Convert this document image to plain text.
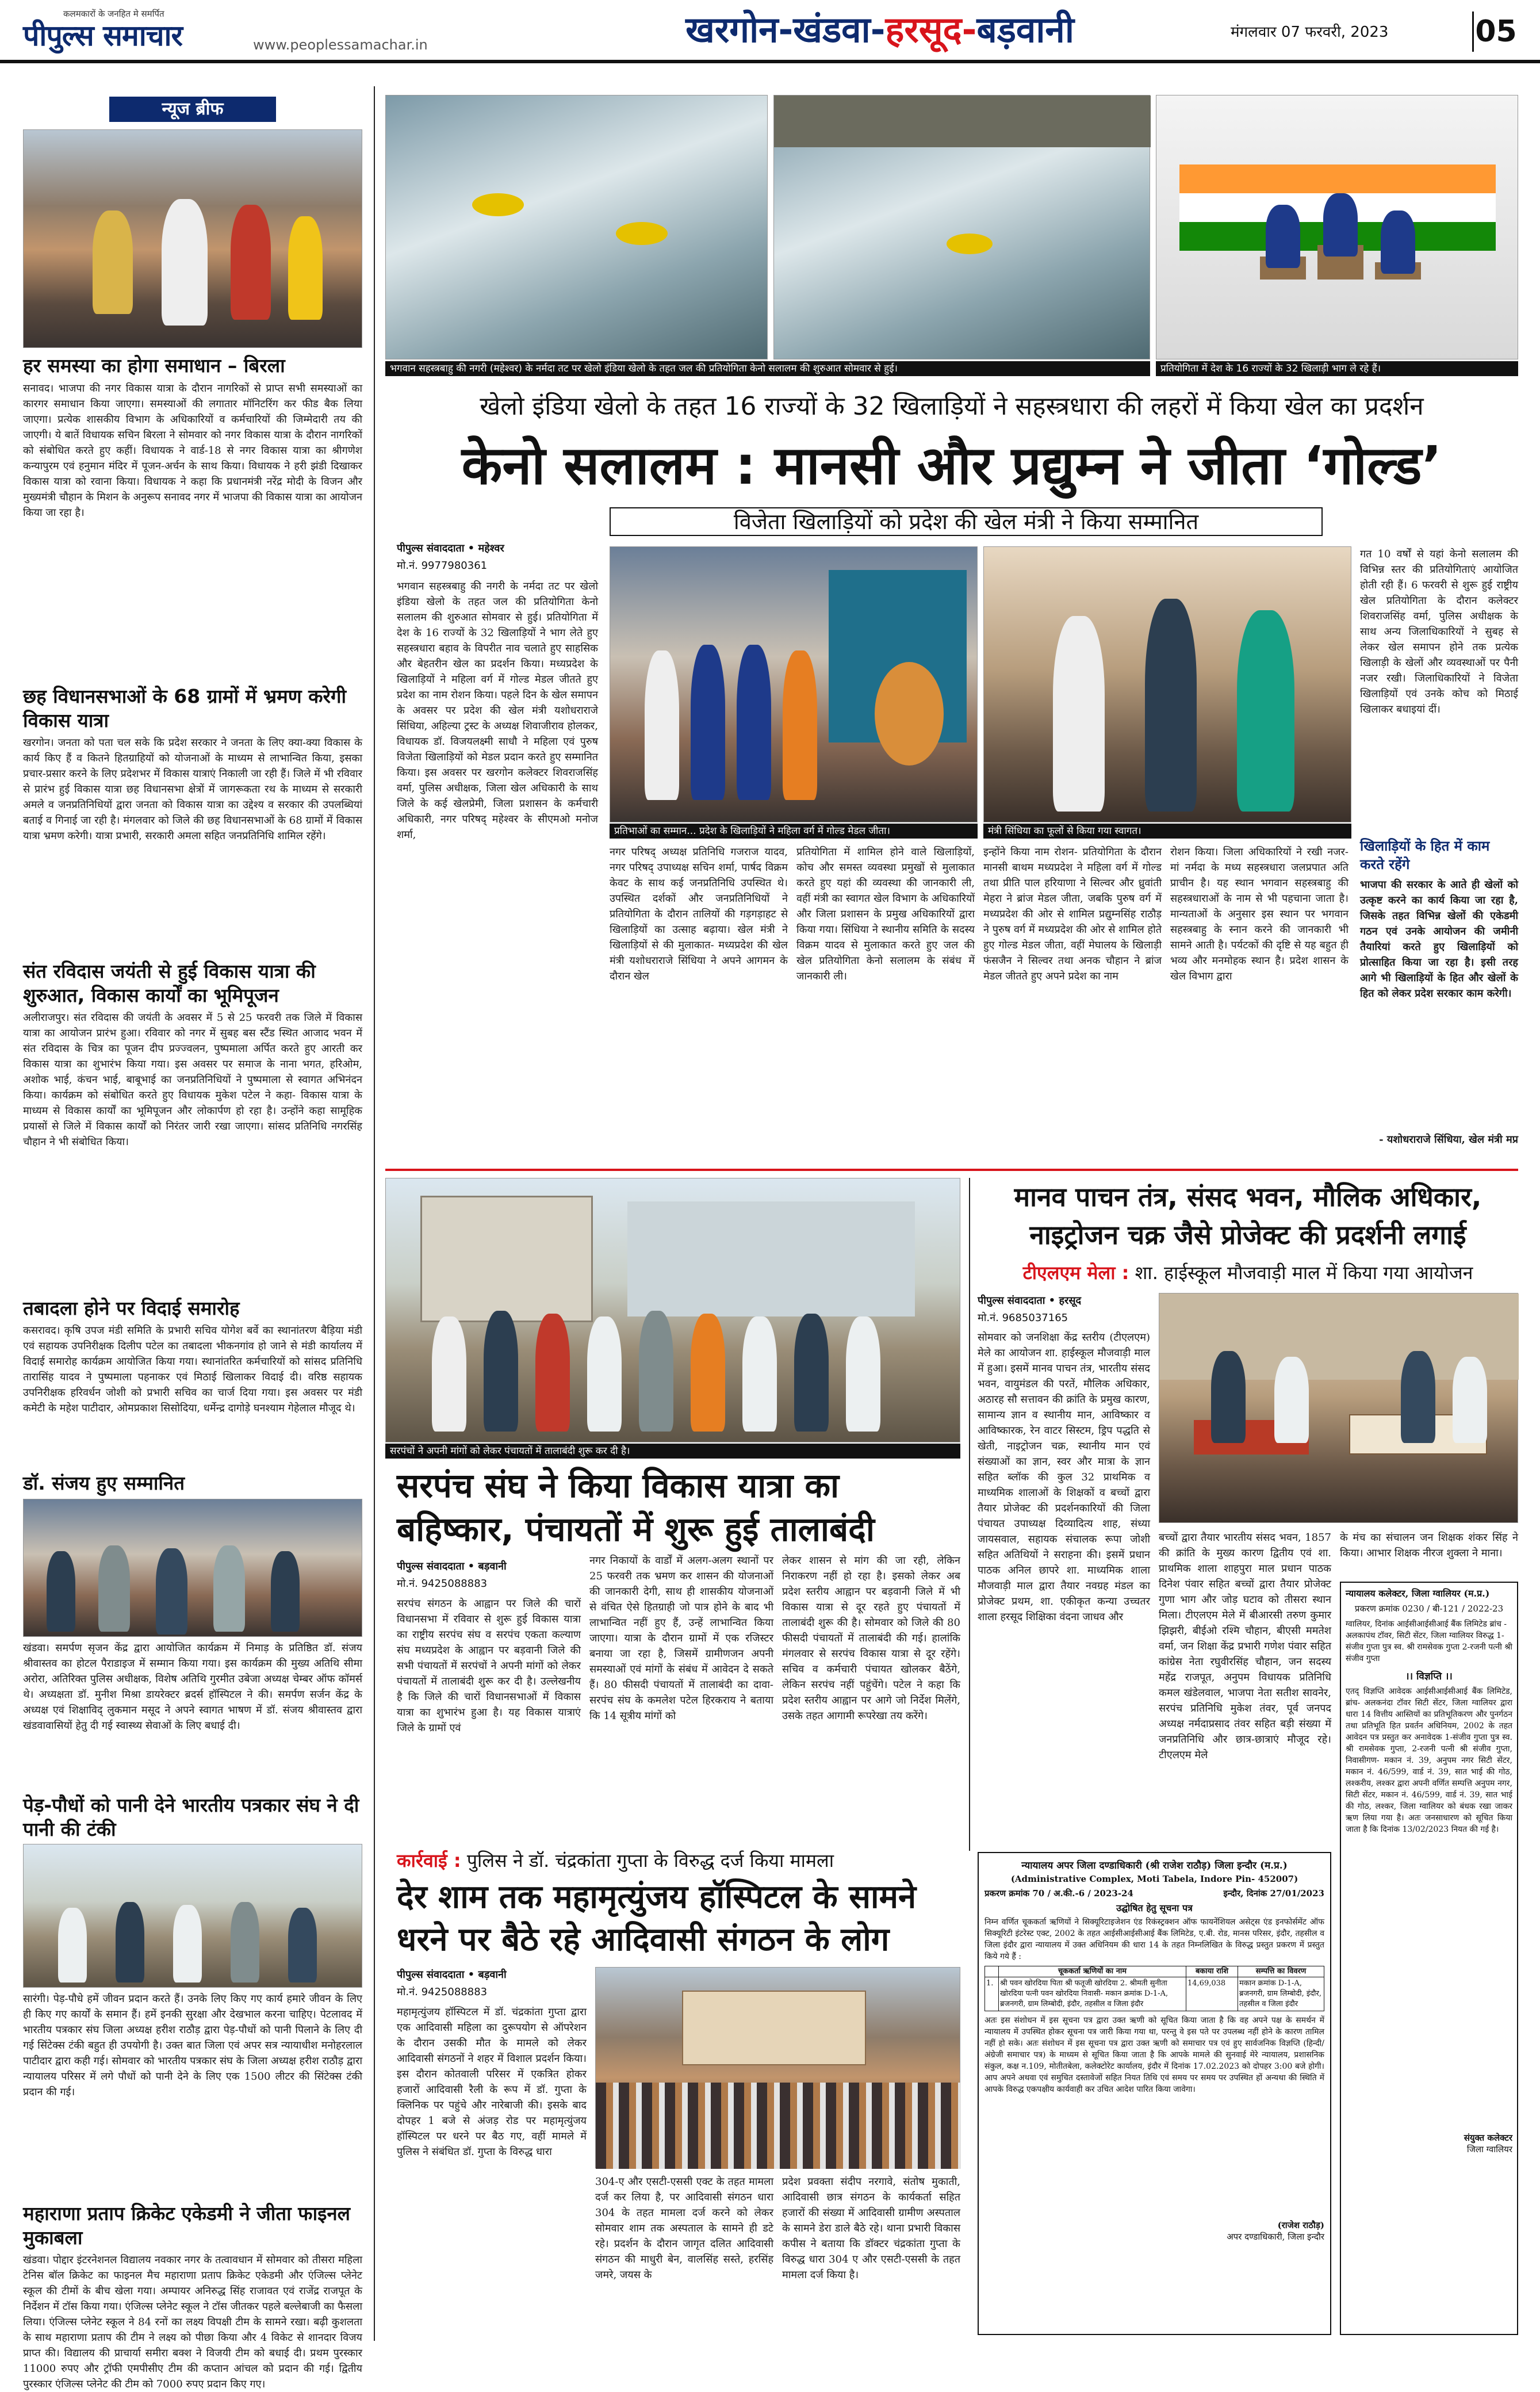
कलमकारों के जनहित मे समर्पित
पीपुल्स समाचार	www.peoplessamachar.in	खरगोन-खंडवा-हरसूद-बड़वानी	मंगलवार 07 फरवरी, 2023	05
न्यूज ब्रीफ
हर समस्या का होगा समाधान – बिरला
सनावद। भाजपा की नगर विकास यात्रा के दौरान नागरिकों से प्राप्त सभी समस्याओं का कारगर समाधान किया जाएगा। समस्याओं की लगातार मॉनिटरिंग कर फीड बैक लिया जाएगा। प्रत्येक शासकीय विभाग के अधिकारियों व कर्मचारियों की जिम्मेदारी तय की जाएगी। ये बातें विधायक सचिन बिरला ने सोमवार को नगर विकास यात्रा के दौरान नागरिकों को संबोधित करते हुए कहीं। विधायक ने वार्ड-18 से नगर विकास यात्रा का श्रीगणेश कन्यापुरम एवं हनुमान मंदिर में पूजन-अर्चन के साथ किया। विधायक ने हरी झंडी दिखाकर विकास यात्रा को रवाना किया। विधायक ने कहा कि प्रधानमंत्री नरेंद्र मोदी के विजन और मुख्यमंत्री चौहान के मिशन के अनुरूप सनावद नगर में भाजपा की विकास यात्रा का आयोजन किया जा रहा है।
छह विधानसभाओं के 68 ग्रामों में भ्रमण करेगी विकास यात्रा
खरगोन। जनता को पता चल सके कि प्रदेश सरकार ने जनता के लिए क्या-क्या विकास के कार्य किए हैं व कितने हितग्राहियों को योजनाओं के माध्यम से लाभान्वित किया, इसका प्रचार-प्रसार करने के लिए प्रदेशभर में विकास यात्राएं निकाली जा रही हैं। जिले में भी रविवार से प्रारंभ हुई विकास यात्रा छह विधानसभा क्षेत्रों में जागरूकता रथ के माध्यम से सरकारी अमले व जनप्रतिनिधियों द्वारा जनता को विकास यात्रा का उद्देश्य व सरकार की उपलब्धियां बताई व गिनाई जा रही है। मंगलवार को जिले की छह विधानसभाओं के 68 ग्रामों में विकास यात्रा भ्रमण करेगी। यात्रा प्रभारी, सरकारी अमला सहित जनप्रतिनिधि शामिल रहेंगे।
संत रविदास जयंती से हुई विकास यात्रा की शुरुआत, विकास कार्यों का भूमिपूजन
अलीराजपुर। संत रविदास की जयंती के अवसर में 5 से 25 फरवरी तक जिले में विकास यात्रा का आयोजन प्रारंभ हुआ। रविवार को नगर में सुबह बस स्टैंड स्थित आजाद भवन में संत रविदास के चित्र का पूजन दीप प्रज्ज्वलन, पुष्पमाला अर्पित करते हुए आरती कर विकास यात्रा का शुभारंभ किया गया। इस अवसर पर समाज के नाना भगत, हरिओम, अशोक भाई, कंचन भाई, बाबूभाई का जनप्रतिनिधियों ने पुष्पमाला से स्वागत अभिनंदन किया। कार्यक्रम को संबोधित करते हुए विधायक मुकेश पटेल ने कहा- विकास यात्रा के माध्यम से विकास कार्यों का भूमिपूजन और लोकार्पण हो रहा है। उन्होंने कहा सामूहिक प्रयासों से जिले में विकास कार्यों को निरंतर जारी रखा जाएगा। सांसद प्रतिनिधि नगरसिंह चौहान ने भी संबोधित किया।
तबादला होने पर विदाई समारोह
कसरावद। कृषि उपज मंडी समिति के प्रभारी सचिव योगेश बर्वे का स्थानांतरण बैड़िया मंडी एवं सहायक उपनिरीक्षक दिलीप पटेल का तबादला भीकनगांव हो जाने से मंडी कार्यालय में विदाई समारोह कार्यक्रम आयोजित किया गया। स्थानांतरित कर्मचारियों को सांसद प्रतिनिधि तारासिंह यादव ने पुष्पमाला पहनाकर एवं मिठाई खिलाकर विदाई दी। वरिष्ठ सहायक उपनिरीक्षक हरिवर्धन जोशी को प्रभारी सचिव का चार्ज दिया गया। इस अवसर पर मंडी कमेटी के महेश पाटीदार, ओमप्रकाश सिसोदिया, धर्मेन्द्र दागोड़े घनश्याम गेहेलाल मौजूद थे।
डॉ. संजय हुए सम्मानित
खंडवा। समर्पण सृजन केंद्र द्वारा आयोजित कार्यक्रम में निमाड़ के प्रतिष्ठित डॉ. संजय श्रीवास्तव का होटल पैराडाइज में सम्मान किया गया। इस कार्यक्रम की मुख्य अतिथि सीमा अरोरा, अतिरिक्त पुलिस अधीक्षक, विशेष अतिथि गुरमीत उबेजा अध्यक्ष चेम्बर ऑफ कॉमर्स थे। अध्यक्षता डॉ. मुनीश मिश्रा डायरेक्टर ब्रदर्स हॉस्पिटल ने की। समर्पण सर्जन केंद्र के अध्यक्ष एवं शिक्षाविद् लुकमान मसूद ने अपने स्वागत भाषण में डॉ. संजय श्रीवास्तव द्वारा खंडवावासियों हेतु दी गई स्वास्थ्य सेवाओं के लिए बधाई दी।
पेड़-पौधों को पानी देने भारतीय पत्रकार संघ ने दी पानी की टंकी
सारंगी। पेड़-पौधे हमें जीवन प्रदान करते हैं। उनके लिए किए गए कार्य हमारे जीवन के लिए ही किए गए कार्यों के समान हैं। हमें इनकी सुरक्षा और देखभाल करना चाहिए। पेटलावद में भारतीय पत्रकार संघ जिला अध्यक्ष हरीश राठौड़ द्वारा पेड़-पौधों को पानी पिलाने के लिए दी गई सिंटेक्स टंकी बहुत ही उपयोगी है। उक्त बात जिला एवं अपर सत्र न्यायाधीश मनोहरलाल पाटीदार द्वारा कही गई। सोमवार को भारतीय पत्रकार संघ के जिला अध्यक्ष हरीश राठौड़ द्वारा न्यायालय परिसर में लगे पौधों को पानी देने के लिए एक 1500 लीटर की सिंटेक्स टंकी प्रदान की गई।
महाराणा प्रताप क्रिकेट एकेडमी ने जीता फाइनल मुकाबला
खंडवा। पोद्दार इंटरनेशनल विद्यालय नवकार नगर के तत्वावधान में सोमवार को तीसरा महिला टेनिस बॉल क्रिकेट का फाइनल मैच महाराणा प्रताप क्रिकेट एकेडमी और एंजिल्स प्लेनेट स्कूल की टीमों के बीच खेला गया। अम्पायर अनिरुद्ध सिंह राजावत एवं राजेंद्र राजपूत के निर्देशन में टॉस किया गया। एंजिल्स प्लेनेट स्कूल ने टॉस जीतकर पहले बल्लेबाजी का फैसला लिया। एंजिल्स प्लेनेट स्कूल ने 84 रनों का लक्ष्य विपक्षी टीम के सामने रखा। बढ़ी कुशलता के साथ महाराणा प्रताप की टीम ने लक्ष्य को पीछा किया और 4 विकेट से शानदार विजय प्राप्त की। विद्यालय की प्राचार्या समीरा बक्श ने विजयी टीम को बधाई दी। प्रथम पुरस्कार 11000 रुपए और ट्रॉफी एमपीसीए टीम की कप्तान आंचल को प्रदान की गई। द्वितीय पुरस्कार एंजिल्स प्लेनेट की टीम को 7000 रुपए प्रदान किए गए।
भगवान सहस्त्रबाहु की नगरी (महेश्वर) के नर्मदा तट पर खेलो इंडिया खेलो के तहत जल की प्रतियोगिता केनो सलालम की शुरुआत सोमवार से हुई।	प्रतियोगिता में देश के 16 राज्यों के 32 खिलाड़ी भाग ले रहे हैं।
खेलो इंडिया खेलो के तहत 16 राज्यों के 32 खिलाड़ियों ने सहस्त्रधारा की लहरों में किया खेल का प्रदर्शन
केनो सलालम : मानसी और प्रद्युम्न ने जीता ‘गोल्ड’
विजेता खिलाड़ियों को प्रदेश की खेल मंत्री ने किया सम्मानित
पीपुल्स संवाददाता • महेश्वर
मो.नं. 9977980361
भगवान सहस्त्रबाहु की नगरी के नर्मदा तट पर खेलो इंडिया खेलो के तहत जल की प्रतियोगिता केनो सलालम की शुरुआत सोमवार से हुई। प्रतियोगिता में देश के 16 राज्यों के 32 खिलाड़ियों ने भाग लेते हुए सहस्त्रधारा बहाव के विपरीत नाव चलाते हुए साहसिक और बेहतरीन खेल का प्रदर्शन किया। मध्यप्रदेश के खिलाड़ियों ने महिला वर्ग में गोल्ड मेडल जीतते हुए प्रदेश का नाम रोशन किया। पहले दिन के खेल समापन के अवसर पर प्रदेश की खेल मंत्री यशोधराराजे सिंधिया, अहिल्या ट्रस्ट के अध्यक्ष शिवाजीराव होलकर, विधायक डॉ. विजयलक्ष्मी साधौ ने महिला एवं पुरुष विजेता खिलाड़ियों को मेडल प्रदान करते हुए सम्मानित किया। इस अवसर पर खरगोन कलेक्टर शिवराजसिंह वर्मा, पुलिस अधीक्षक, जिला खेल अधिकारी के साथ जिले के कई खेलप्रेमी, जिला प्रशासन के कर्मचारी अधिकारी, नगर परिषद् महेश्वर के सीएमओ मनोज शर्मा,	प्रतिभाओं का सम्मान... प्रदेश के खिलाड़ियों ने महिला वर्ग में गोल्ड मेडल जीता।	मंत्री सिंधिया का फूलों से किया गया स्वागत।
गत 10 वर्षों से यहां केनो सलालम की विभिन्न स्तर की प्रतियोगिताएं आयोजित होती रही हैं। 6 फरवरी से शुरू हुई राष्ट्रीय खेल प्रतियोगिता के दौरान कलेक्टर शिवराजसिंह वर्मा, पुलिस अधीक्षक के साथ अन्य जिलाधिकारियों ने सुबह से लेकर खेल समापन होने तक प्रत्येक खिलाड़ी के खेलों और व्यवस्थाओं पर पैनी नजर रखी। जिलाधिकारियों ने विजेता खिलाड़ियों एवं उनके कोच को मिठाई खिलाकर बधाइयां दीं।
नगर परिषद् अध्यक्ष प्रतिनिधि गजराज यादव, नगर परिषद् उपाध्यक्ष सचिन शर्मा, पार्षद विक्रम केवट के साथ कई जनप्रतिनिधि उपस्थित थे। उपस्थित दर्शकों और जनप्रतिनिधियों ने प्रतियोगिता के दौरान तालियों की गड़गड़ाहट से खिलाड़ियों का उत्साह बढ़ाया। खेल मंत्री ने खिलाड़ियों से की मुलाकात- मध्यप्रदेश की खेल मंत्री यशोधराराजे सिंधिया ने अपने आगमन के दौरान खेल
प्रतियोगिता में शामिल होने वाले खिलाड़ियों, कोच और समस्त व्यवस्था प्रमुखों से मुलाकात करते हुए यहां की व्यवस्था की जानकारी ली, वहीं मंत्री का स्वागत खेल विभाग के अधिकारियों और जिला प्रशासन के प्रमुख अधिकारियों द्वारा किया गया। सिंधिया ने स्थानीय समिति के सदस्य विक्रम यादव से मुलाकात करते हुए जल की खेल प्रतियोगिता केनो सलालम के संबंध में जानकारी ली।
इन्होंने किया नाम रोशन- प्रतियोगिता के दौरान मानसी बाथम मध्यप्रदेश ने महिला वर्ग में गोल्ड तथा प्रीति पाल हरियाणा ने सिल्वर और ध्रुवांती मेहरा ने ब्रांज मेडल जीता, जबकि पुरुष वर्ग में मध्यप्रदेश की ओर से शामिल प्रद्युम्नसिंह राठौड़ ने पुरुष वर्ग में मध्यप्रदेश की ओर से शामिल होते हुए गोल्ड मेडल जीता, वहीं मेघालय के खिलाड़ी फंसजैन ने सिल्वर तथा अनक चौहान ने ब्रांज मेडल जीतते हुए अपने प्रदेश का नाम
रोशन किया। जिला अधिकारियों ने रखी नजर- मां नर्मदा के मध्य सहस्त्रधारा जलप्रपात अति प्राचीन है। यह स्थान भगवान सहस्त्रबाहु की सहस्त्रधाराओं के नाम से भी पहचाना जाता है। मान्यताओं के अनुसार इस स्थान पर भगवान सहस्त्रबाहु के स्नान करने की जानकारी भी सामने आती है। पर्यटकों की दृष्टि से यह बहुत ही भव्य और मनमोहक स्थान है। प्रदेश शासन के खेल विभाग द्वारा
खिलाड़ियों के हित में काम करते रहेंगे
भाजपा की सरकार के आते ही खेलों को उत्कृष्ट करने का कार्य किया जा रहा है, जिसके तहत विभिन्न खेलों की एकेडमी गठन एवं उनके आयोजन की जमीनी तैयारियां करते हुए खिलाड़ियों को प्रोत्साहित किया जा रहा है। इसी तरह आगे भी खिलाड़ियों के हित और खेलों के हित को लेकर प्रदेश सरकार काम करेगी।
- यशोधराराजे सिंधिया, खेल मंत्री मप्र
सरपंचों ने अपनी मांगों को लेकर पंचायतों में तालाबंदी शुरू कर दी है।
सरपंच संघ ने किया विकास यात्रा का बहिष्कार, पंचायतों में शुरू हुई तालाबंदी
पीपुल्स संवाददाता • बड़वानी
मो.नं. 9425088883
सरपंच संगठन के आह्वान पर जिले की चारों विधानसभा में रविवार से शुरू हुई विकास यात्रा का राष्ट्रीय सरपंच संघ व सरपंच एकता कल्याण संघ मध्यप्रदेश के आह्वान पर बड़वानी जिले की सभी पंचायतों में सरपंचों ने अपनी मांगों को लेकर पंचायतों में तालाबंदी शुरू कर दी है। उल्लेखनीय है कि जिले की चारों विधानसभाओं में विकास यात्रा का शुभारंभ हुआ है। यह विकास यात्राएं जिले के ग्रामों एवं
नगर निकायों के वार्डों में अलग-अलग स्थानों पर 25 फरवरी तक भ्रमण कर शासन की योजनाओं की जानकारी देगी, साथ ही शासकीय योजनाओं से वंचित ऐसे हितग्राही जो पात्र होने के बाद भी लाभान्वित नहीं हुए हैं, उन्हें लाभान्वित किया जाएगा। यात्रा के दौरान ग्रामों में एक रजिस्टर बनाया जा रहा है, जिसमें ग्रामीणजन अपनी समस्याओं एवं मांगों के संबंध में आवेदन दे सकते हैं। 80 फीसदी पंचायतों में तालाबंदी का दावा- सरपंच संघ के कमलेश पटेल हिरकराय ने बताया कि 14 सूत्रीय मांगों को
लेकर शासन से मांग की जा रही, लेकिन निराकरण नहीं हो रहा है। इसको लेकर अब प्रदेश स्तरीय आह्वान पर बड़वानी जिले में भी विकास यात्रा से दूर रहते हुए पंचायतों में तालाबंदी शुरू की है। सोमवार को जिले की 80 फीसदी पंचायतों में तालाबंदी की गई। हालांकि मंगलवार से सरपंच विकास यात्रा से दूर रहेंगे। सचिव व कर्मचारी पंचायत खोलकर बैठेंगे, लेकिन सरपंच नहीं पहुंचेंगे। पटेल ने कहा कि प्रदेश स्तरीय आह्वान पर आगे जो निर्देश मिलेंगे, उसके तहत आगामी रूपरेखा तय करेंगे।
कार्रवाई : पुलिस ने डॉ. चंद्रकांता गुप्ता के विरुद्ध दर्ज किया मामला
देर शाम तक महामृत्युंजय हॉस्पिटल के सामने धरने पर बैठे रहे आदिवासी संगठन के लोग
पीपुल्स संवाददाता • बड़वानी
मो.नं. 9425088883
महामृत्युंजय हॉस्पिटल में डॉ. चंद्रकांता गुप्ता द्वारा एक आदिवासी महिला का दुरूपयोग से ऑपरेशन के दौरान उसकी मौत के मामले को लेकर आदिवासी संगठनों ने शहर में विशाल प्रदर्शन किया। इस दौरान कोतवाली परिसर में एकत्रित होकर हजारों आदिवासी रैली के रूप में डॉ. गुप्ता के क्लिनिक पर पहुंचे और नारेबाजी की। इसके बाद दोपहर 1 बजे से अंजड़ रोड पर महामृत्युंजय हॉस्पिटल पर धरने पर बैठ गए, वहीं मामले में पुलिस ने संबंधित डॉ. गुप्ता के विरुद्ध धारा
304-ए और एसटी-एससी एक्ट के तहत मामला दर्ज कर लिया है, पर आदिवासी संगठन धारा 304 के तहत मामला दर्ज करने को लेकर सोमवार शाम तक अस्पताल के सामने ही डटे रहे। प्रदर्शन के दौरान जागृत दलित आदिवासी संगठन की माधुरी बेन, वालसिंह सस्ते, हरसिंह जमरे, जयस के
प्रदेश प्रवक्ता संदीप नरगावे, संतोष मुकाती, आदिवासी छात्र संगठन के कार्यकर्ता सहित हजारों की संख्या में आदिवासी ग्रामीण अस्पताल के सामने डेरा डाले बैठे रहे। थाना प्रभारी विकास कपीस ने बताया कि डॉक्टर चंद्रकांता गुप्ता के विरुद्ध धारा 304 ए और एसटी-एससी के तहत मामला दर्ज किया है।
मानव पाचन तंत्र, संसद भवन, मौलिक अधिकार, नाइट्रोजन चक्र जैसे प्रोजेक्ट की प्रदर्शनी लगाई
टीएलएम मेला : शा. हाईस्कूल मौजवाड़ी माल में किया गया आयोजन
पीपुल्स संवाददाता • हरसूद
मो.नं. 9685037165
सोमवार को जनशिक्षा केंद्र स्तरीय (टीएलएम) मेले का आयोजन शा. हाईस्कूल मौजवाड़ी माल में हुआ। इसमें मानव पाचन तंत्र, भारतीय संसद भवन, वायुमंडल की परतें, मौलिक अधिकार, अठारह सौ सत्तावन की क्रांति के प्रमुख कारण, सामान्य ज्ञान व स्थानीय मान, आविष्कार व आविष्कारक, रेन वाटर सिस्टम, ड्रिप पद्धति से खेती, नाइट्रोजन चक्र, स्थानीय मान एवं संख्याओं का ज्ञान, स्वर और मात्रा के ज्ञान सहित ब्लॉक की कुल 32 प्राथमिक व माध्यमिक शालाओं के शिक्षकों व बच्चों द्वारा तैयार प्रोजेक्ट की प्रदर्शनकारियों की जिला पंचायत उपाध्यक्ष दिव्यादित्य शाह, संध्या जायसवाल, सहायक संचालक रूपा जोशी सहित अतिथियों ने सराहना की। इसमें प्रधान पाठक अनिल छापरे शा. माध्यमिक शाला मौजवाड़ी माल द्वारा तैयार नवग्रह मंडल का प्रोजेक्ट प्रथम, शा. एकीकृत कन्या उच्चतर शाला हरसूद शिक्षिका वंदना जाधव और
बच्चों द्वारा तैयार भारतीय संसद भवन, 1857 की क्रांति के मुख्य कारण द्वितीय एवं शा. प्राथमिक शाला शाहपुरा माल प्रधान पाठक दिनेश पंवार सहित बच्चों द्वारा तैयार प्रोजेक्ट गुणा भाग और जोड़ घटाव को तीसरा स्थान मिला। टीएलएम मेले में बीआरसी तरुण कुमार झिझरी, बीईओ रश्मि चौहान, बीएसी ममतेश वर्मा, जन शिक्षा केंद्र प्रभारी गणेश पंवार सहित कांग्रेस नेता रघुवीरसिंह चौहान, जन सदस्य महेंद्र राजपूत, अनुपम विधायक प्रतिनिधि कमल खंडेलवाल, भाजपा नेता सतीश सावनेर, सरपंच प्रतिनिधि मुकेश तंवर, पूर्व जनपद अध्यक्ष नर्मदाप्रसाद तंवर सहित बड़ी संख्या में जनप्रतिनिधि और छात्र-छात्राएं मौजूद रहे। टीएलएम मेले
के मंच का संचालन जन शिक्षक शंकर सिंह ने किया। आभार शिक्षक नीरज शुक्ला ने माना।
न्यायालय कलेक्टर, जिला ग्वालियर (म.प्र.)
प्रकरण क्रमांक 0230 / बी-121 / 2022-23
ग्वालियर, दिनांक आईसीआईसीआई बैंक लिमिटेड ब्रांच - अलकापंथ टॉवर, सिटी सेंटर, जिला ग्वालियर विरुद्ध 1-संजीव गुप्ता पुत्र स्व. श्री रामसेवक गुप्ता 2-रजनी पत्नी श्री संजीव गुप्ता
।। विज्ञप्ति ।।
एतद् विज्ञप्ति आवेदक आईसीआईसीआई बैंक लिमिटेड, ब्रांच- अलकनंदा टॉवर सिटी सेंटर, जिला ग्वालियर द्वारा धारा 14 वित्तीय आस्तियों का प्रतिभूतिकरण और पुनर्गठन तथा प्रतिभूति हित प्रवर्तन अधिनियम, 2002 के तहत आवेदन पत्र प्रस्तुत कर अनावेदक 1-संजीव गुप्ता पुत्र स्व. श्री रामसेवक गुप्ता, 2-रजनी पत्नी श्री संजीव गुप्ता, निवासीगण- मकान नं. 39, अनुपम नगर सिटी सेंटर, मकान नं. 46/599, वार्ड नं. 39, सात भाई की गोठ, लश्करीय, लश्कर द्वारा अपनी वर्णित सम्पत्ति अनुपम नगर, सिटी सेंटर, मकान नं. 46/599, वार्ड नं. 39, सात भाई की गोठ, लश्कर, जिला ग्वालियर को बंधक रखा जाकर ऋण लिया गया है। अतः जनसाधारण को सूचित किया जाता है कि दिनांक 13/02/2023 नियत की गई है।
संयुक्त कलेक्टर
जिला ग्वालियर
न्यायालय अपर जिला दण्डाधिकारी (श्री राजेश राठौड़) जिला इन्दौर (म.प्र.)
(Administrative Complex, Moti Tabela, Indore Pin- 452007)
प्रकरण क्रमांक 70 / अ.की.-6 / 2023-24	इन्दौर, दिनांक 27/01/2023
उद्घोषित हेतु सूचना पत्र
निम्न वर्णित चूककर्ता ऋणियों ने सिक्यूरिटाइजेशन एंड रिकंस्ट्रक्शन ऑफ फायनेंशियल असेट्स एंड इनफोर्समेंट ऑफ सिक्यूरिटी इंटरेस्ट एक्ट, 2002 के तहत आईसीआईसीआई बैंक लिमिटेड, ए.बी. रोड, मानस परिसर, इंदौर, तहसील व जिला इंदौर द्वारा न्यायालय में उक्त अधिनियम की धारा 14 के तहत निम्नलिखित के विरुद्ध प्रस्तुत प्रकरण में प्रस्तुत किये गये हैं :
	चूककर्ता ऋणियों का नाम	बकाया राशि	सम्पत्ति का विवरण
1.	श्री पवन खोरदिया पिता श्री फतूजी खोरदिया 2. श्रीमती सुनीता खोरदिया पत्नी पवन खोरदिया निवासी- मकान क्रमांक D-1-A, ब्रजनगरी, ग्राम लिम्बोदी, इंदौर, तहसील व जिला इंदौर	14,69,038	मकान क्रमांक D-1-A, ब्रजनगरी, ग्राम लिम्बोदी, इंदौर, तहसील व जिला इंदौर
अतः इस संशोधन में इस सूचना पत्र द्वारा उक्त ऋणी को सूचित किया जाता है कि वह अपने पक्ष के समर्थन में न्यायालय में उपस्थित होकर सूचना पत्र जारी किया गया था, परन्तु वे इस पते पर उपलब्ध नहीं होने के कारण तामिल नहीं हो सके। अतः संशोधन में इस सूचना पत्र द्वारा उक्त ऋणी को समाचार पत्र एवं हुए सार्वजनिक विज्ञप्ति (हिन्दी/ अंग्रेजी समाचार पत्र) के माध्यम से सूचित किया जाता है कि आपके मामले की सुनवाई मेरे न्यायालय, प्रशासनिक संकुल, कक्ष न.109, मोतीतबेला, कलेक्टोरेट कार्यालय, इंदौर में दिनांक 17.02.2023 को दोपहर 3:00 बजे होगी। आप अपने अथवा एवं समुचित दस्तावेजों सहित नियत तिथि एवं समय पर समय पर उपस्थित हों अन्यथा की स्थिति में आपके विरुद्ध एकपक्षीय कार्यवाही कर उचित आदेश पारित किया जावेगा।
(राजेश राठौड़)
अपर दण्डाधिकारी, जिला इन्दौर
